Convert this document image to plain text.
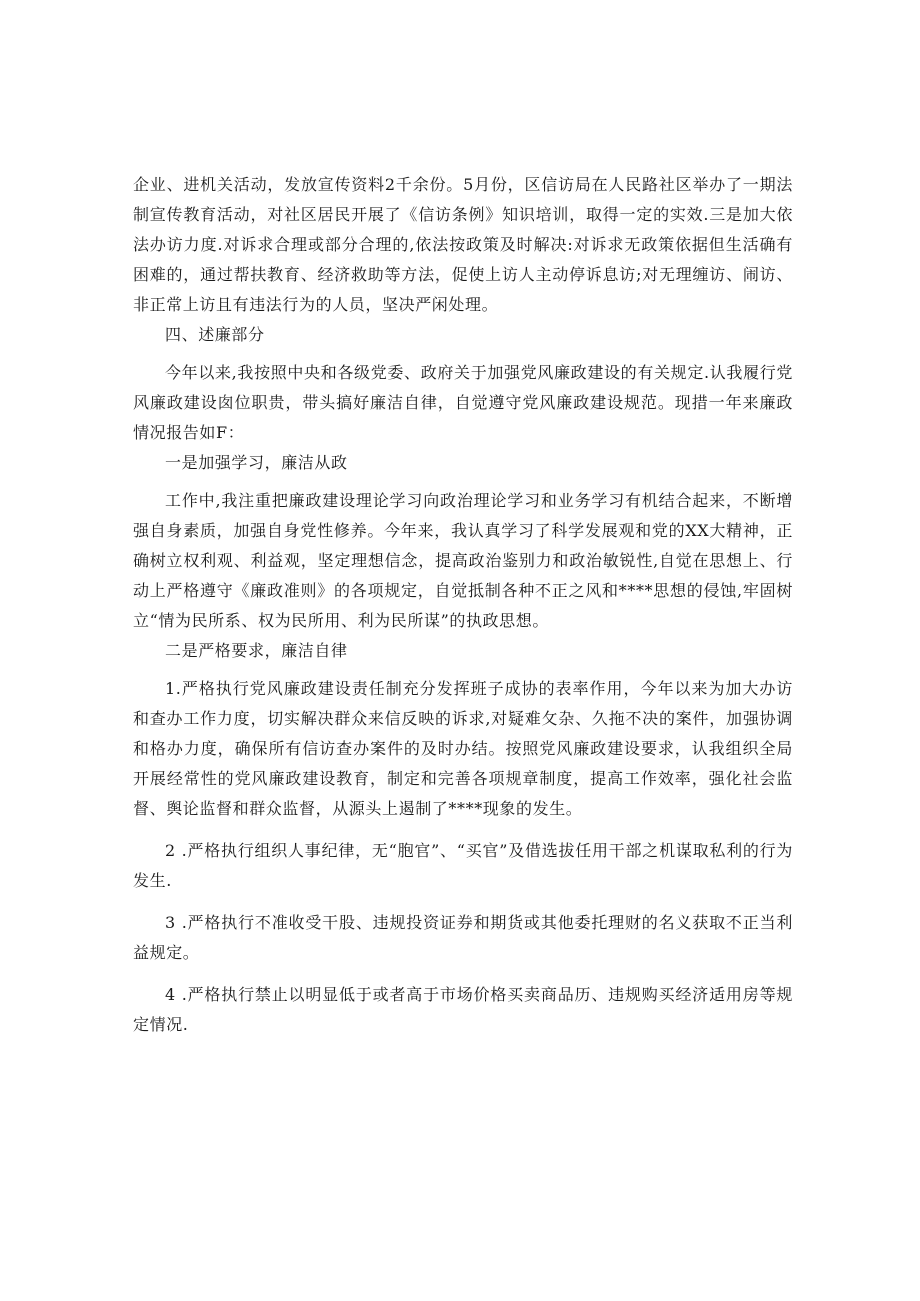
企业、进机关活动，发放宣传资料2千余份。5月份，区信访局在人民路社区举办了一期法制宣传教育活动，对社区居民开展了《信访条例》知识培训，取得一定的实效.三是加大依法办访力度.对诉求合理或部分合理的,依法按政策及时解决:对诉求无政策依据但生活确有困难的，通过帮扶教育、经济救助等方法，促使上访人主动停诉息访;对无理缠访、闹访、非正常上访且有违法行为的人员，坚决严闲处理。

四、述廉部分

今年以来,我按照中央和各级党委、政府关于加强党风廉政建设的有关规定.认我履行党风廉政建设囱位职贵，带头搞好廉洁自律，自觉遵守党风廉政建设规范。现措一年来廉政情况报告如F：

一是加强学习，廉洁从政

工作中,我注重把廉政建设理论学习向政治理论学习和业务学习有机结合起来，不断增强自身素质，加强自身党性修养。今年来，我认真学习了科学发展观和党的XX大精神，正确树立权利观、利益观，坚定理想信念，提高政治鉴别力和政治敏锐性,自觉在思想上、行动上严格遵守《廉政准则》的各项规定，自觉抵制各种不正之风和****思想的侵蚀,牢固树立“情为民所系、权为民所用、利为民所谋”的执政思想。

二是严格要求，廉洁自律

1.严格执行党风廉政建设责任制充分发挥班子成协的表率作用，今年以来为加大办访和查办工作力度，切实解决群众来信反映的诉求,对疑难攵杂、久拖不决的案件，加强协调和格办力度，确保所有信访查办案件的及时办结。按照党风廉政建设要求，认我组织全局开展经常性的党风廉政建设教育，制定和完善各项规章制度，提高工作效率，强化社会监督、舆论监督和群众监督，从源头上遏制了****现象的发生。

2 .严格执行组织人事纪律，无“胞官”、“买官”及借选拔任用干部之机谋取私利的行为发生.

3 .严格执行不准收受干股、违规投资证券和期货或其他委托理财的名义获取不正当利益规定。

4 .严格执行禁止以明显低于或者高于市场价格买卖商品历、违规购买经济适用房等规定情况.
